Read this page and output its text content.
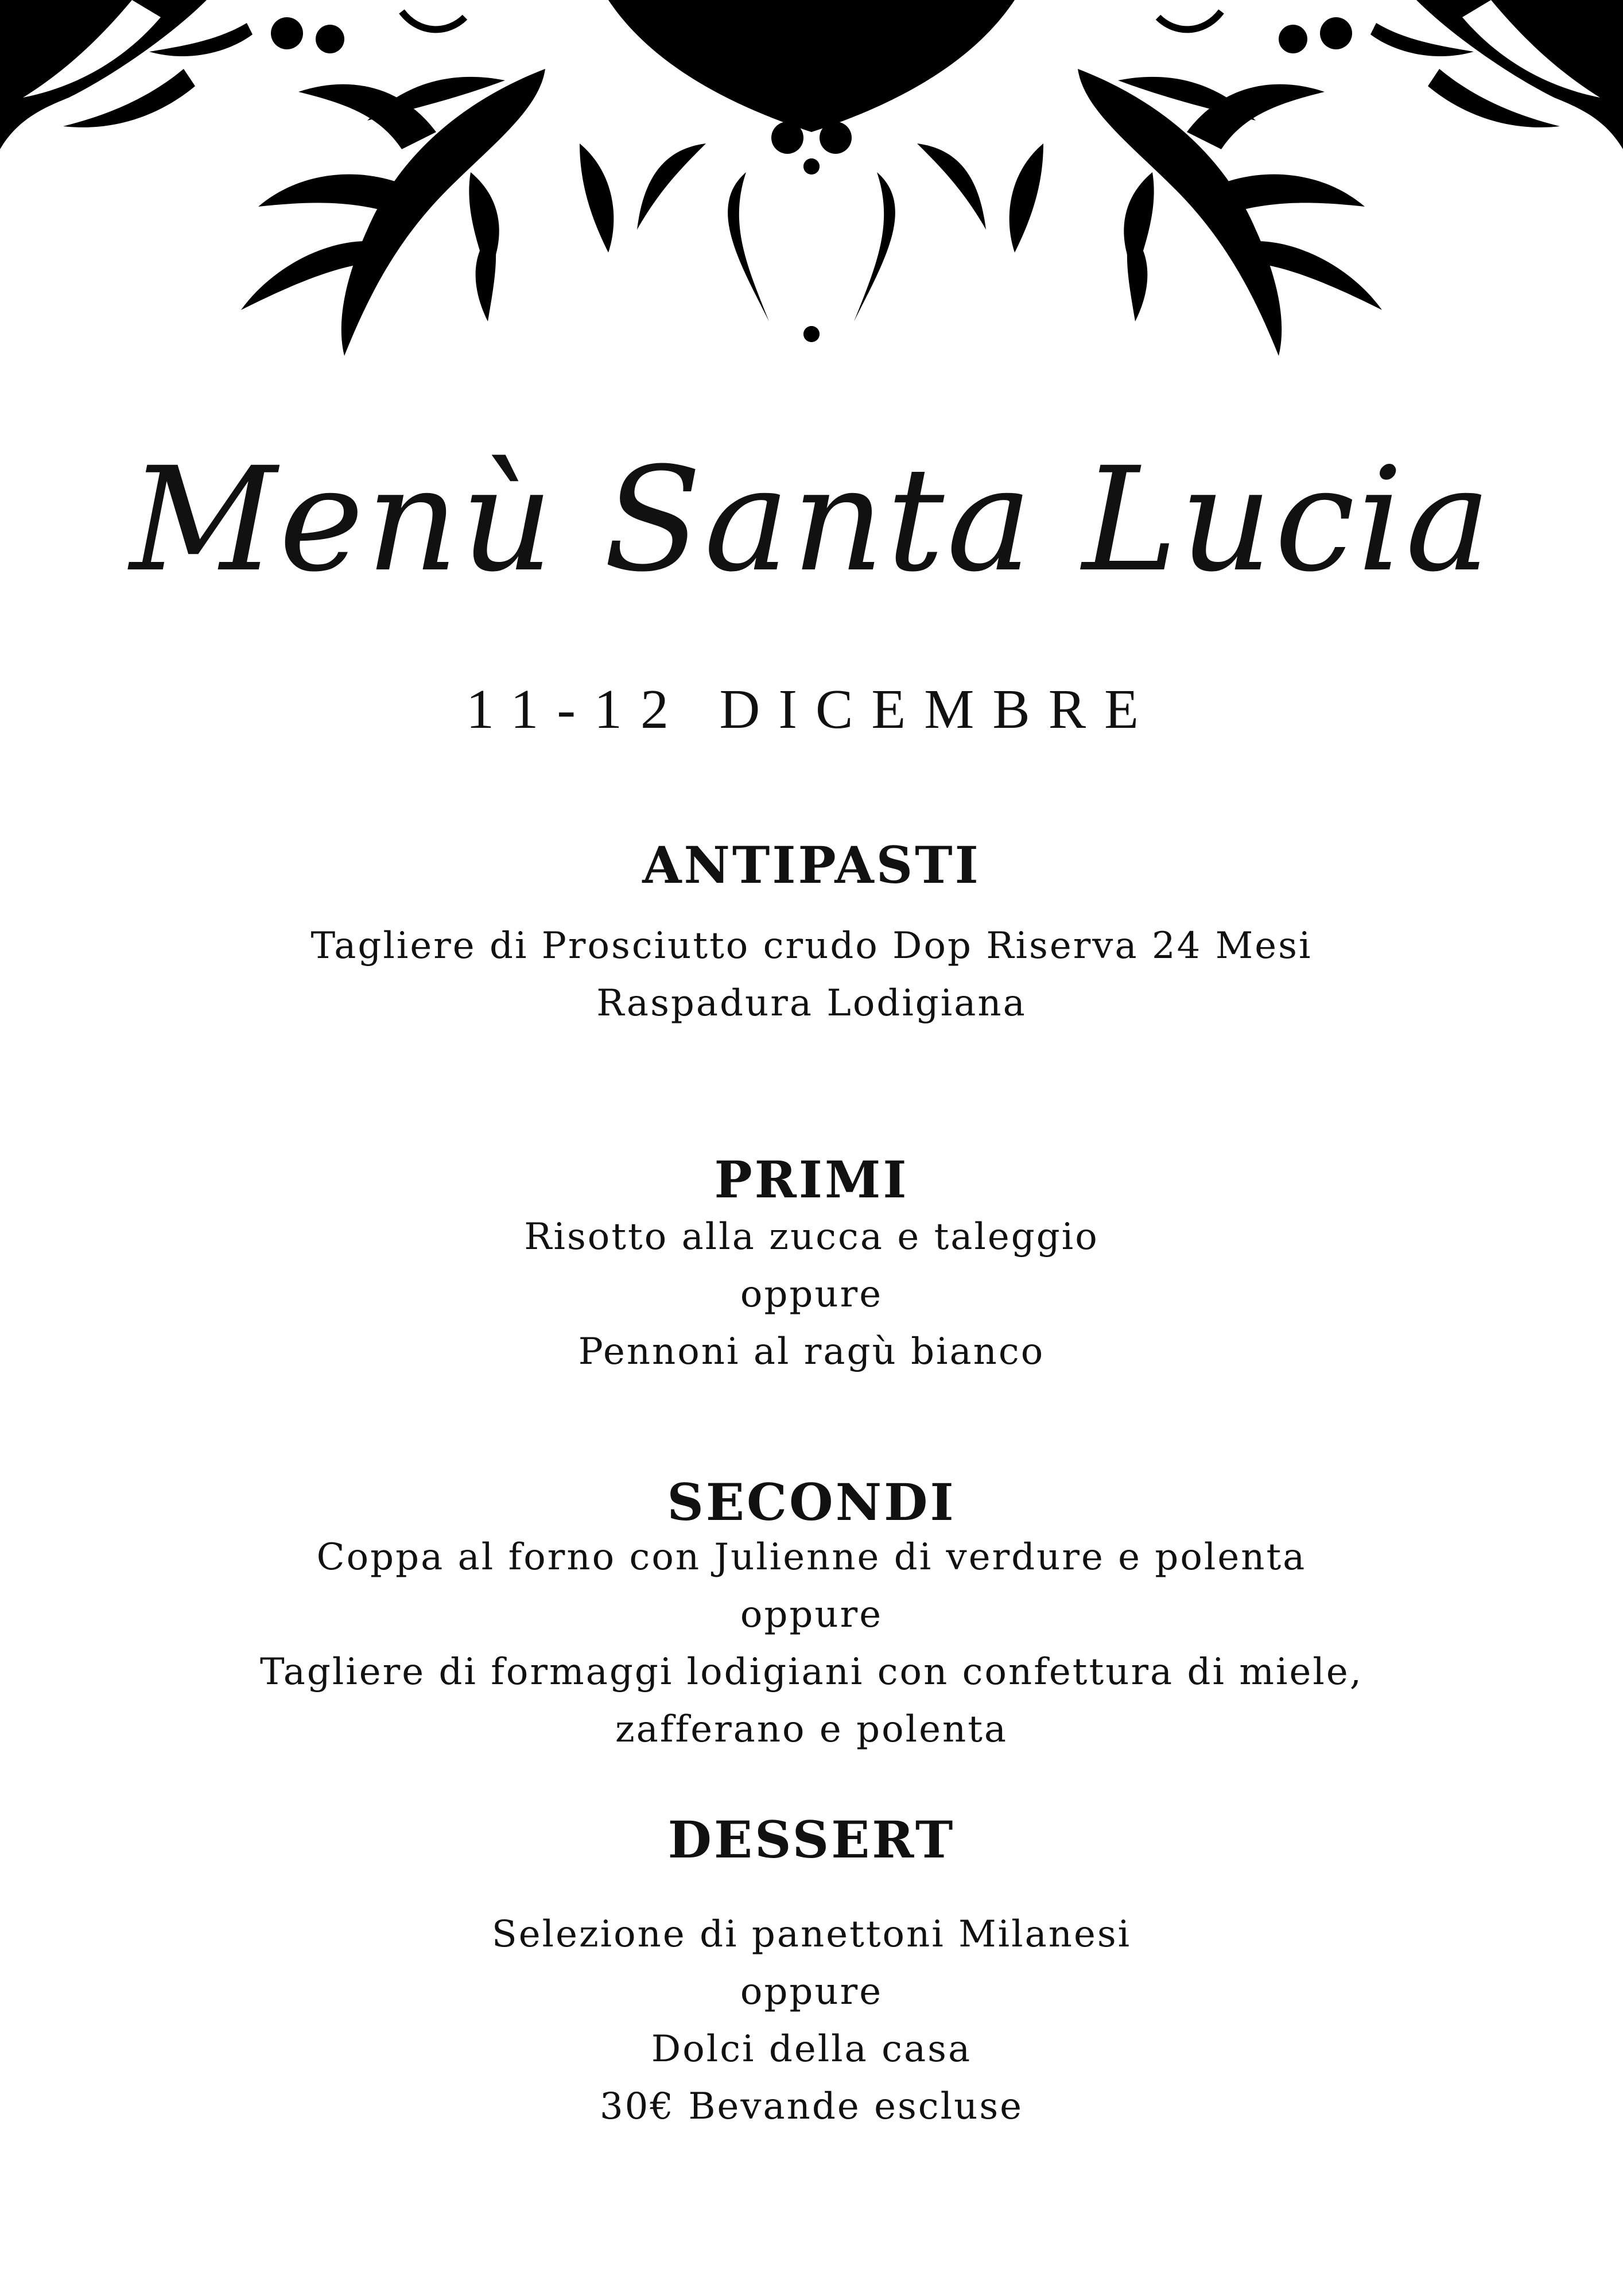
Menù Santa Lucia
11-12 DICEMBRE
ANTIPASTI
Tagliere di Prosciutto crudo Dop Riserva 24 Mesi
Raspadura Lodigiana
PRIMI
Risotto alla zucca e taleggio
oppure
Pennoni al ragù bianco
SECONDI
Coppa al forno con Julienne di verdure e polenta
oppure
Tagliere di formaggi lodigiani con confettura di miele,
zafferano e polenta
DESSERT
Selezione di panettoni Milanesi
oppure
Dolci della casa
30€ Bevande escluse
